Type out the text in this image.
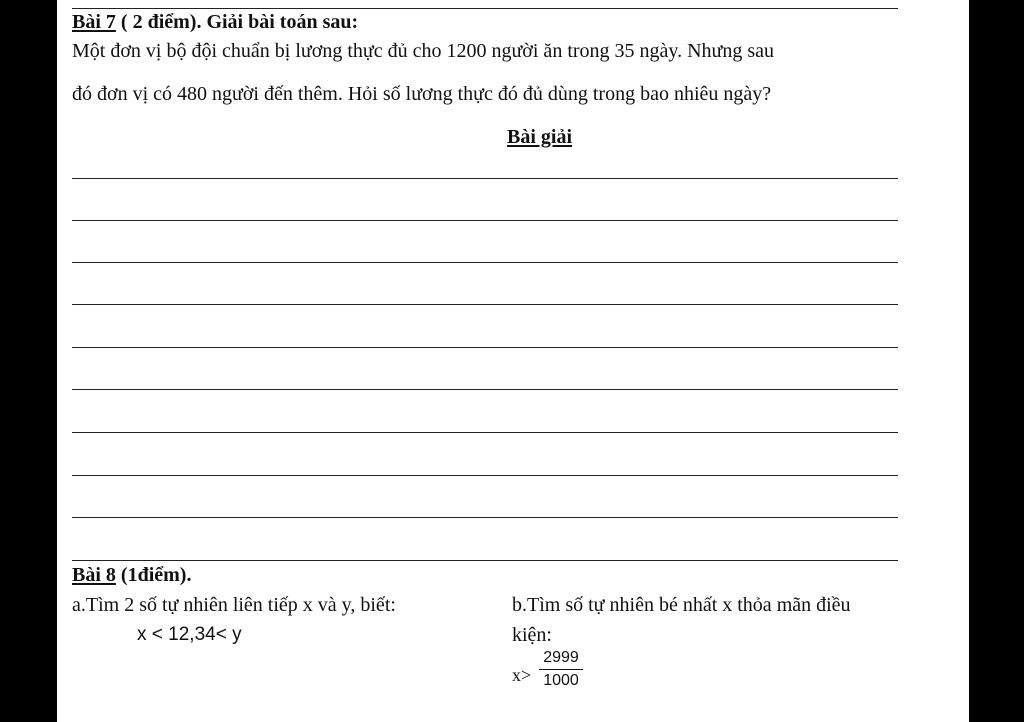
Bài 7 ( 2 điểm). Giải bài toán sau:
Một đơn vị bộ đội chuẩn bị lương thực đủ cho 1200 người ăn trong 35 ngày. Nhưng sau
đó đơn vị có 480 người đến thêm. Hỏi số lương thực đó đủ dùng trong bao nhiêu ngày?
Bài giải
Bài 8 (1điểm).
a.Tìm 2 số tự nhiên liên tiếp x và y, biết:
x < 12,34< y
b.Tìm số tự nhiên bé nhất x thỏa mãn điều
kiện:
x>
2999
1000
